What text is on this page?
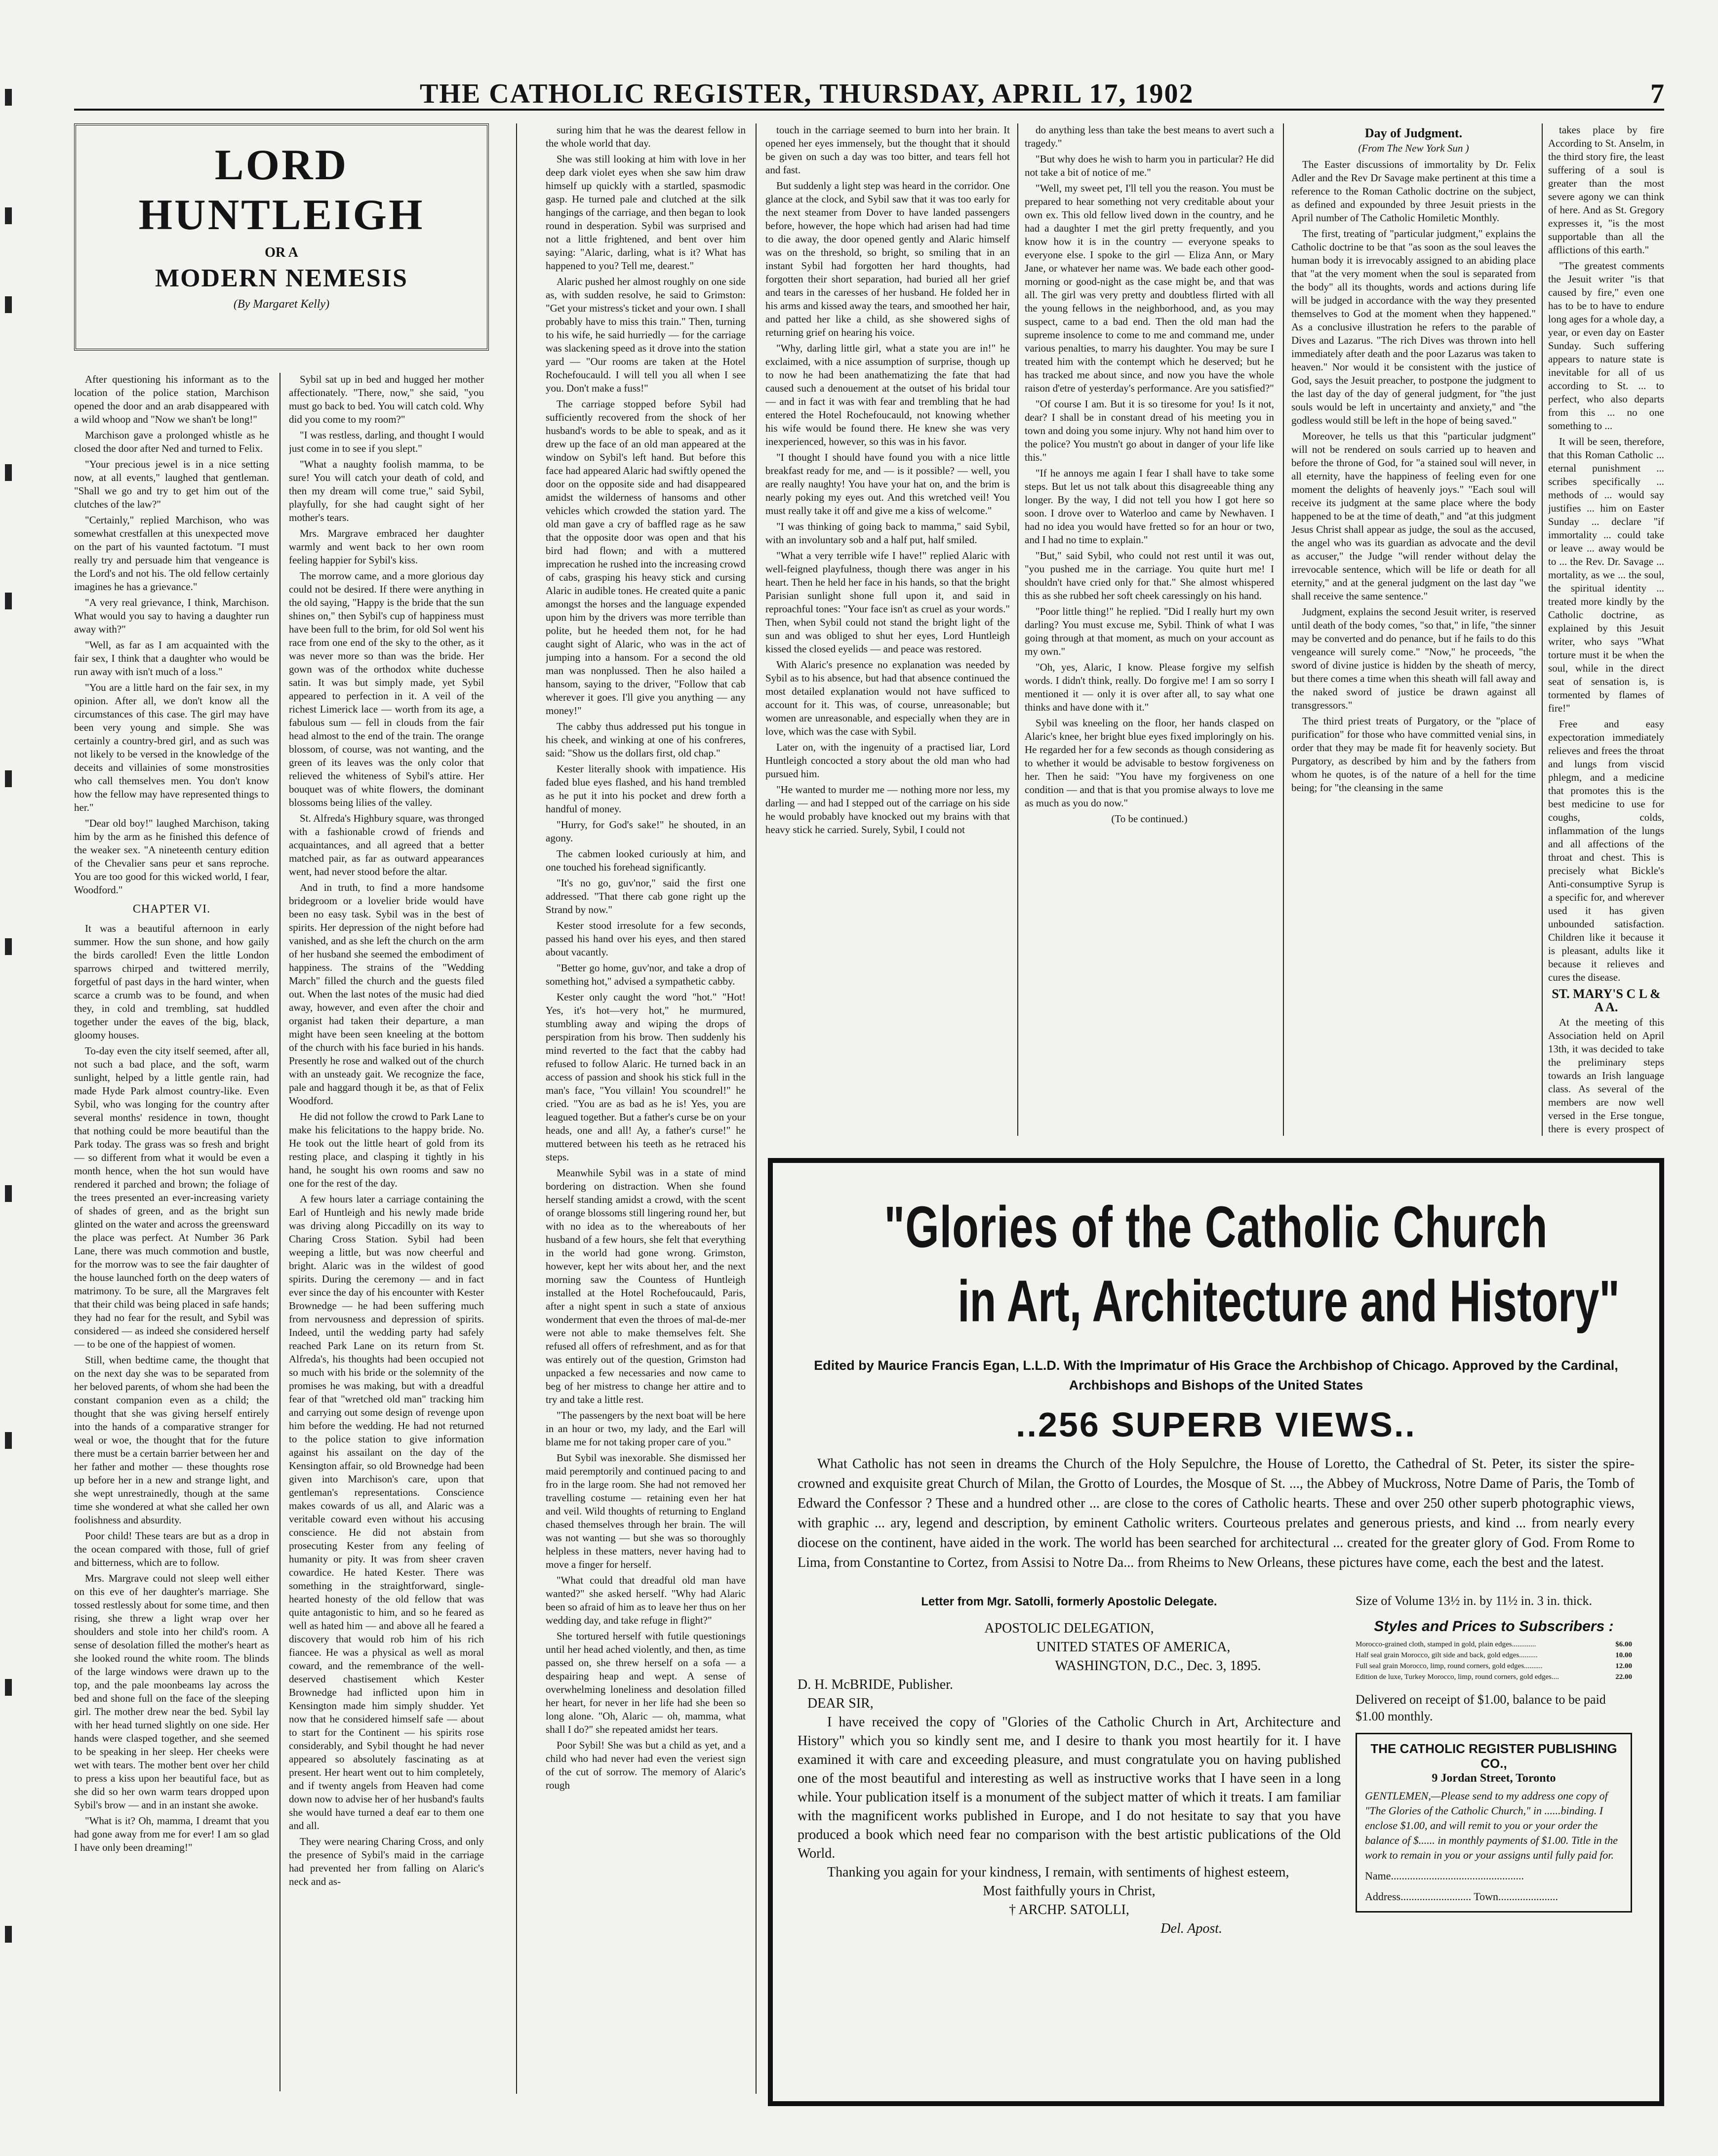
THE CATHOLIC REGISTER, THURSDAY, APRIL 17, 1902	7
LORD HUNTLEIGH
OR A
MODERN NEMESIS
(By Margaret Kelly)

After questioning his informant as to the location of the police station, Marchison opened the door and an arab disappeared with a wild whoop and "Now we shan't be long!"

Marchison gave a prolonged whistle as he closed the door after Ned and turned to Felix.

"Your precious jewel is in a nice setting now, at all events," laughed that gentleman. "Shall we go and try to get him out of the clutches of the law?"

"Certainly," replied Marchison, who was somewhat crestfallen at this unexpected move on the part of his vaunted factotum. "I must really try and persuade him that vengeance is the Lord's and not his. The old fellow certainly imagines he has a grievance."

"A very real grievance, I think, Marchison. What would you say to having a daughter run away with?"

"Well, as far as I am acquainted with the fair sex, I think that a daughter who would be run away with isn't much of a loss."

"You are a little hard on the fair sex, in my opinion. After all, we don't know all the circumstances of this case. The girl may have been very young and simple. She was certainly a country-bred girl, and as such was not likely to be versed in the knowledge of the deceits and villainies of some monstrosities who call themselves men. You don't know how the fellow may have represented things to her."

"Dear old boy!" laughed Marchison, taking him by the arm as he finished this defence of the weaker sex. "A nineteenth century edition of the Chevalier sans peur et sans reproche. You are too good for this wicked world, I fear, Woodford."

CHAPTER VI.

It was a beautiful afternoon in early summer. How the sun shone, and how gaily the birds carolled! Even the little London sparrows chirped and twittered merrily, forgetful of past days in the hard winter, when scarce a crumb was to be found, and when they, in cold and trembling, sat huddled together under the eaves of the big, black, gloomy houses.

To-day even the city itself seemed, after all, not such a bad place, and the soft, warm sunlight, helped by a little gentle rain, had made Hyde Park almost country-like. Even Sybil, who was longing for the country after several months' residence in town, thought that nothing could be more beautiful than the Park today. The grass was so fresh and bright — so different from what it would be even a month hence, when the hot sun would have rendered it parched and brown; the foliage of the trees presented an ever-increasing variety of shades of green, and as the bright sun glinted on the water and across the greensward the place was perfect. At Number 36 Park Lane, there was much commotion and bustle, for the morrow was to see the fair daughter of the house launched forth on the deep waters of matrimony. To be sure, all the Margraves felt that their child was being placed in safe hands; they had no fear for the result, and Sybil was considered — as indeed she considered herself — to be one of the happiest of women.

Still, when bedtime came, the thought that on the next day she was to be separated from her beloved parents, of whom she had been the constant companion even as a child; the thought that she was giving herself entirely into the hands of a comparative stranger for weal or woe, the thought that for the future there must be a certain barrier between her and her father and mother — these thoughts rose up before her in a new and strange light, and she wept unrestrainedly, though at the same time she wondered at what she called her own foolishness and absurdity.

Poor child! These tears are but as a drop in the ocean compared with those, full of grief and bitterness, which are to follow.

Mrs. Margrave could not sleep well either on this eve of her daughter's marriage. She tossed restlessly about for some time, and then rising, she threw a light wrap over her shoulders and stole into her child's room. A sense of desolation filled the mother's heart as she looked round the white room. The blinds of the large windows were drawn up to the top, and the pale moonbeams lay across the bed and shone full on the face of the sleeping girl. The mother drew near the bed. Sybil lay with her head turned slightly on one side. Her hands were clasped together, and she seemed to be speaking in her sleep. Her cheeks were wet with tears. The mother bent over her child to press a kiss upon her beautiful face, but as she did so her own warm tears dropped upon Sybil's brow — and in an instant she awoke.

"What is it? Oh, mamma, I dreamt that you had gone away from me for ever! I am so glad I have only been dreaming!"

Sybil sat up in bed and hugged her mother affectionately. "There, now," she said, "you must go back to bed. You will catch cold. Why did you come to my room?"

"I was restless, darling, and thought I would just come in to see if you slept."

"What a naughty foolish mamma, to be sure! You will catch your death of cold, and then my dream will come true," said Sybil, playfully, for she had caught sight of her mother's tears.

Mrs. Margrave embraced her daughter warmly and went back to her own room feeling happier for Sybil's kiss.

The morrow came, and a more glorious day could not be desired. If there were anything in the old saying, "Happy is the bride that the sun shines on," then Sybil's cup of happiness must have been full to the brim, for old Sol went his race from one end of the sky to the other, as it was never more so than was the bride. Her gown was of the orthodox white duchesse satin. It was but simply made, yet Sybil appeared to perfection in it. A veil of the richest Limerick lace — worth from its age, a fabulous sum — fell in clouds from the fair head almost to the end of the train. The orange blossom, of course, was not wanting, and the green of its leaves was the only color that relieved the whiteness of Sybil's attire. Her bouquet was of white flowers, the dominant blossoms being lilies of the valley.

St. Alfreda's Highbury square, was thronged with a fashionable crowd of friends and acquaintances, and all agreed that a better matched pair, as far as outward appearances went, had never stood before the altar.

And in truth, to find a more handsome bridegroom or a lovelier bride would have been no easy task. Sybil was in the best of spirits. Her depression of the night before had vanished, and as she left the church on the arm of her husband she seemed the embodiment of happiness. The strains of the "Wedding March" filled the church and the guests filed out. When the last notes of the music had died away, however, and even after the choir and organist had taken their departure, a man might have been seen kneeling at the bottom of the church with his face buried in his hands. Presently he rose and walked out of the church with an unsteady gait. We recognize the face, pale and haggard though it be, as that of Felix Woodford.

He did not follow the crowd to Park Lane to make his felicitations to the happy bride. No. He took out the little heart of gold from its resting place, and clasping it tightly in his hand, he sought his own rooms and saw no one for the rest of the day.

A few hours later a carriage containing the Earl of Huntleigh and his newly made bride was driving along Piccadilly on its way to Charing Cross Station. Sybil had been weeping a little, but was now cheerful and bright. Alaric was in the wildest of good spirits. During the ceremony — and in fact ever since the day of his encounter with Kester Brownedge — he had been suffering much from nervousness and depression of spirits. Indeed, until the wedding party had safely reached Park Lane on its return from St. Alfreda's, his thoughts had been occupied not so much with his bride or the solemnity of the promises he was making, but with a dreadful fear of that "wretched old man" tracking him and carrying out some design of revenge upon him before the wedding. He had not returned to the police station to give information against his assailant on the day of the Kensington affair, so old Brownedge had been given into Marchison's care, upon that gentleman's representations. Conscience makes cowards of us all, and Alaric was a veritable coward even without his accusing conscience. He did not abstain from prosecuting Kester from any feeling of humanity or pity. It was from sheer craven cowardice. He hated Kester. There was something in the straightforward, single-hearted honesty of the old fellow that was quite antagonistic to him, and so he feared as well as hated him — and above all he feared a discovery that would rob him of his rich fiancee. He was a physical as well as moral coward, and the remembrance of the well-deserved chastisement which Kester Brownedge had inflicted upon him in Kensington made him simply shudder. Yet now that he considered himself safe — about to start for the Continent — his spirits rose considerably, and Sybil thought he had never appeared so absolutely fascinating as at present. Her heart went out to him completely, and if twenty angels from Heaven had come down now to advise her of her husband's faults she would have turned a deaf ear to them one and all.

They were nearing Charing Cross, and only the presence of Sybil's maid in the carriage had prevented her from falling on Alaric's neck and as-

suring him that he was the dearest fellow in the whole world that day.

She was still looking at him with love in her deep dark violet eyes when she saw him draw himself up quickly with a startled, spasmodic gasp. He turned pale and clutched at the silk hangings of the carriage, and then began to look round in desperation. Sybil was surprised and not a little frightened, and bent over him saying: "Alaric, darling, what is it? What has happened to you? Tell me, dearest."

Alaric pushed her almost roughly on one side as, with sudden resolve, he said to Grimston: "Get your mistress's ticket and your own. I shall probably have to miss this train." Then, turning to his wife, he said hurriedly — for the carriage was slackening speed as it drove into the station yard — "Our rooms are taken at the Hotel Rochefoucauld. I will tell you all when I see you. Don't make a fuss!"

The carriage stopped before Sybil had sufficiently recovered from the shock of her husband's words to be able to speak, and as it drew up the face of an old man appeared at the window on Sybil's left hand. But before this face had appeared Alaric had swiftly opened the door on the opposite side and had disappeared amidst the wilderness of hansoms and other vehicles which crowded the station yard. The old man gave a cry of baffled rage as he saw that the opposite door was open and that his bird had flown; and with a muttered imprecation he rushed into the increasing crowd of cabs, grasping his heavy stick and cursing Alaric in audible tones. He created quite a panic amongst the horses and the language expended upon him by the drivers was more terrible than polite, but he heeded them not, for he had caught sight of Alaric, who was in the act of jumping into a hansom. For a second the old man was nonplussed. Then he also hailed a hansom, saying to the driver, "Follow that cab wherever it goes. I'll give you anything — any money!"

The cabby thus addressed put his tongue in his cheek, and winking at one of his confreres, said: "Show us the dollars first, old chap."

Kester literally shook with impatience. His faded blue eyes flashed, and his hand trembled as he put it into his pocket and drew forth a handful of money.

"Hurry, for God's sake!" he shouted, in an agony.

The cabmen looked curiously at him, and one touched his forehead significantly.

"It's no go, guv'nor," said the first one addressed. "That there cab gone right up the Strand by now."

Kester stood irresolute for a few seconds, passed his hand over his eyes, and then stared about vacantly.

"Better go home, guv'nor, and take a drop of something hot," advised a sympathetic cabby.

Kester only caught the word "hot." "Hot! Yes, it's hot—very hot," he murmured, stumbling away and wiping the drops of perspiration from his brow. Then suddenly his mind reverted to the fact that the cabby had refused to follow Alaric. He turned back in an access of passion and shook his stick full in the man's face, "You villain! You scoundrel!" he cried. "You are as bad as he is! Yes, you are leagued together. But a father's curse be on your heads, one and all! Ay, a father's curse!" he muttered between his teeth as he retraced his steps.

Meanwhile Sybil was in a state of mind bordering on distraction. When she found herself standing amidst a crowd, with the scent of orange blossoms still lingering round her, but with no idea as to the whereabouts of her husband of a few hours, she felt that everything in the world had gone wrong. Grimston, however, kept her wits about her, and the next morning saw the Countess of Huntleigh installed at the Hotel Rochefoucauld, Paris, after a night spent in such a state of anxious wonderment that even the throes of mal-de-mer were not able to make themselves felt. She refused all offers of refreshment, and as for that was entirely out of the question, Grimston had unpacked a few necessaries and now came to beg of her mistress to change her attire and to try and take a little rest.

"The passengers by the next boat will be here in an hour or two, my lady, and the Earl will blame me for not taking proper care of you."

But Sybil was inexorable. She dismissed her maid peremptorily and continued pacing to and fro in the large room. She had not removed her travelling costume — retaining even her hat and veil. Wild thoughts of returning to England chased themselves through her brain. The will was not wanting — but she was so thoroughly helpless in these matters, never having had to move a finger for herself.

"What could that dreadful old man have wanted?" she asked herself. "Why had Alaric been so afraid of him as to leave her thus on her wedding day, and take refuge in flight?"

She tortured herself with futile questionings until her head ached violently, and then, as time passed on, she threw herself on a sofa — a despairing heap and wept. A sense of overwhelming loneliness and desolation filled her heart, for never in her life had she been so long alone. "Oh, Alaric — oh, mamma, what shall I do?" she repeated amidst her tears.

Poor Sybil! She was but a child as yet, and a child who had never had even the veriest sign of the cut of sorrow. The memory of Alaric's rough

touch in the carriage seemed to burn into her brain. It opened her eyes immensely, but the thought that it should be given on such a day was too bitter, and tears fell hot and fast.

But suddenly a light step was heard in the corridor. One glance at the clock, and Sybil saw that it was too early for the next steamer from Dover to have landed passengers before, however, the hope which had arisen had had time to die away, the door opened gently and Alaric himself was on the threshold, so bright, so smiling that in an instant Sybil had forgotten her hard thoughts, had forgotten their short separation, had buried all her grief and tears in the caresses of her husband. He folded her in his arms and kissed away the tears, and smoothed her hair, and patted her like a child, as she showered sighs of returning grief on hearing his voice.

"Why, darling little girl, what a state you are in!" he exclaimed, with a nice assumption of surprise, though up to now he had been anathematizing the fate that had caused such a denouement at the outset of his bridal tour — and in fact it was with fear and trembling that he had entered the Hotel Rochefoucauld, not knowing whether his wife would be found there. He knew she was very inexperienced, however, so this was in his favor.

"I thought I should have found you with a nice little breakfast ready for me, and — is it possible? — well, you are really naughty! You have your hat on, and the brim is nearly poking my eyes out. And this wretched veil! You must really take it off and give me a kiss of welcome."

"I was thinking of going back to mamma," said Sybil, with an involuntary sob and a half put, half smiled.

"What a very terrible wife I have!" replied Alaric with well-feigned playfulness, though there was anger in his heart. Then he held her face in his hands, so that the bright Parisian sunlight shone full upon it, and said in reproachful tones: "Your face isn't as cruel as your words." Then, when Sybil could not stand the bright light of the sun and was obliged to shut her eyes, Lord Huntleigh kissed the closed eyelids — and peace was restored.

With Alaric's presence no explanation was needed by Sybil as to his absence, but had that absence continued the most detailed explanation would not have sufficed to account for it. This was, of course, unreasonable; but women are unreasonable, and especially when they are in love, which was the case with Sybil.

Later on, with the ingenuity of a practised liar, Lord Huntleigh concocted a story about the old man who had pursued him.

"He wanted to murder me — nothing more nor less, my darling — and had I stepped out of the carriage on his side he would probably have knocked out my brains with that heavy stick he carried. Surely, Sybil, I could not

do anything less than take the best means to avert such a tragedy."

"But why does he wish to harm you in particular? He did not take a bit of notice of me."

"Well, my sweet pet, I'll tell you the reason. You must be prepared to hear something not very creditable about your own ex. This old fellow lived down in the country, and he had a daughter I met the girl pretty frequently, and you know how it is in the country — everyone speaks to everyone else. I spoke to the girl — Eliza Ann, or Mary Jane, or whatever her name was. We bade each other good-morning or good-night as the case might be, and that was all. The girl was very pretty and doubtless flirted with all the young fellows in the neighborhood, and, as you may suspect, came to a bad end. Then the old man had the supreme insolence to come to me and command me, under various penalties, to marry his daughter. You may be sure I treated him with the contempt which he deserved; but he has tracked me about since, and now you have the whole raison d'etre of yesterday's performance. Are you satisfied?"

"Of course I am. But it is so tiresome for you! Is it not, dear? I shall be in constant dread of his meeting you in town and doing you some injury. Why not hand him over to the police? You mustn't go about in danger of your life like this."

"If he annoys me again I fear I shall have to take some steps. But let us not talk about this disagreeable thing any longer. By the way, I did not tell you how I got here so soon. I drove over to Waterloo and came by Newhaven. I had no idea you would have fretted so for an hour or two, and I had no time to explain."

"But," said Sybil, who could not rest until it was out, "you pushed me in the carriage. You quite hurt me! I shouldn't have cried only for that." She almost whispered this as she rubbed her soft cheek caressingly on his hand.

"Poor little thing!" he replied. "Did I really hurt my own darling? You must excuse me, Sybil. Think of what I was going through at that moment, as much on your account as my own."

"Oh, yes, Alaric, I know. Please forgive my selfish words. I didn't think, really. Do forgive me! I am so sorry I mentioned it — only it is over after all, to say what one thinks and have done with it."

Sybil was kneeling on the floor, her hands clasped on Alaric's knee, her bright blue eyes fixed imploringly on his. He regarded her for a few seconds as though considering as to whether it would be advisable to bestow forgiveness on her. Then he said: "You have my forgiveness on one condition — and that is that you promise always to love me as much as you do now."

(To be continued.)
Day of Judgment.
(From The New York Sun )

The Easter discussions of immortality by Dr. Felix Adler and the Rev Dr Savage make pertinent at this time a reference to the Roman Catholic doctrine on the subject, as defined and expounded by three Jesuit priests in the April number of The Catholic Homiletic Monthly.

The first, treating of "particular judgment," explains the Catholic doctrine to be that "as soon as the soul leaves the human body it is irrevocably assigned to an abiding place that "at the very moment when the soul is separated from the body" all its thoughts, words and actions during life will be judged in accordance with the way they presented themselves to God at the moment when they happened." As a conclusive illustration he refers to the parable of Dives and Lazarus. "The rich Dives was thrown into hell immediately after death and the poor Lazarus was taken to heaven." Nor would it be consistent with the justice of God, says the Jesuit preacher, to postpone the judgment to the last day of the day of general judgment, for "the just souls would be left in uncertainty and anxiety," and "the godless would still be left in the hope of being saved."

Moreover, he tells us that this "particular judgment" will not be rendered on souls carried up to heaven and before the throne of God, for "a stained soul will never, in all eternity, have the happiness of feeling even for one moment the delights of heavenly joys." "Each soul will receive its judgment at the same place where the body happened to be at the time of death," and "at this judgment Jesus Christ shall appear as judge, the soul as the accused, the angel who was its guardian as advocate and the devil as accuser," the Judge "will render without delay the irrevocable sentence, which will be life or death for all eternity," and at the general judgment on the last day "we shall receive the same sentence."

Judgment, explains the second Jesuit writer, is reserved until death of the body comes, "so that," in life, "the sinner may be converted and do penance, but if he fails to do this vengeance will surely come." "Now," he proceeds, "the sword of divine justice is hidden by the sheath of mercy, but there comes a time when this sheath will fall away and the naked sword of justice be drawn against all transgressors."

The third priest treats of Purgatory, or the "place of purification" for those who have committed venial sins, in order that they may be made fit for heavenly society. But Purgatory, as described by him and by the fathers from whom he quotes, is of the nature of a hell for the time being; for "the cleansing in the same

takes place by fire According to St. Anselm, in the third story fire, the least suffering of a soul is greater than the most severe agony we can think of here. And as St. Gregory expresses it, "is the most supportable than all the afflictions of this earth."

"The greatest comments the Jesuit writer "is that caused by fire," even one has to be to have to endure long ages for a whole day, a year, or even day on Easter Sunday. Such suffering appears to nature state is inevitable for all of us according to St. ... to perfect, who also departs from this ... no one something to ...

It will be seen, therefore, that this Roman Catholic ... eternal punishment ... scribes specifically ... methods of ... would say justifies ... him on Easter Sunday ... declare "if immortality ... could take or leave ... away would be to ... the Rev. Dr. Savage ... mortality, as we ... the soul, the spiritual identity ... treated more kindly by the Catholic doctrine, as explained by this Jesuit writer, who says "What torture must it be when the soul, while in the direct seat of sensation is, is tormented by flames of fire!"

Free and easy expectoration immediately relieves and frees the throat and lungs from viscid phlegm, and a medicine that promotes this is the best medicine to use for coughs, colds, inflammation of the lungs and all affections of the throat and chest. This is precisely what Bickle's Anti-consumptive Syrup is a specific for, and wherever used it has given unbounded satisfaction. Children like it because it is pleasant, adults like it because it relieves and cures the disease.

ST. MARY'S C L & A A.

At the meeting of this Association held on April 13th, it was decided to take the preliminary steps towards an Irish language class. As several of the members are now well versed in the Erse tongue, there is every prospect of

"Glories of the Catholic Church
in Art, Architecture and History"
Edited by Maurice Francis Egan, L.L.D. With the Imprimatur of His Grace the Archbishop of Chicago. Approved by the Cardinal, Archbishops and Bishops of the United States
..256 SUPERB VIEWS..
What Catholic has not seen in dreams the Church of the Holy Sepulchre, the House of Loretto, the Cathedral of St. Peter, its sister the spire-crowned and exquisite great Church of Milan, the Grotto of Lourdes, the Mosque of St. ..., the Abbey of Muckross, Notre Dame of Paris, the Tomb of Edward the Confessor ? These and a hundred other ... are close to the cores of Catholic hearts. These and over 250 other superb photographic views, with graphic ... ary, legend and description, by eminent Catholic writers. Courteous prelates and generous priests, and kind ... from nearly every diocese on the continent, have aided in the work. The world has been searched for architectural ... created for the greater glory of God. From Rome to Lima, from Constantine to Cortez, from Assisi to Notre Da... from Rheims to New Orleans, these pictures have come, each the best and the latest.
Letter from Mgr. Satolli, formerly Apostolic Delegate.
APOSTOLIC DELEGATION,
UNITED STATES OF AMERICA,
WASHINGTON, D.C., Dec. 3, 1895.
D. H. McBRIDE, Publisher.
DEAR SIR,
I have received the copy of "Glories of the Catholic Church in Art, Architecture and History" which you so kindly sent me, and I desire to thank you most heartily for it. I have examined it with care and exceeding pleasure, and must congratulate you on having published one of the most beautiful and interesting as well as instructive works that I have seen in a long while. Your publication itself is a monument of the subject matter of which it treats. I am familiar with the magnificent works published in Europe, and I do not hesitate to say that you have produced a book which need fear no comparison with the best artistic publications of the Old World.
Thanking you again for your kindness, I remain, with sentiments of highest esteem,
Most faithfully yours in Christ,
† ARCHP. SATOLLI,
Del. Apost.
Size of Volume 13½ in. by 11½ in. 3 in. thick.
Styles and Prices to Subscribers :
Morocco-grained cloth, stamped in gold, plain edges.............	$6.00
Half seal grain Morocco, gilt side and back, gold edges..........	10.00
Full seal grain Morocco, limp, round corners, gold edges..........	12.00
Edition de luxe, Turkey Morocco, limp, round corners, gold edges....	22.00
Delivered on receipt of $1.00, balance to be paid $1.00 monthly.
THE CATHOLIC REGISTER PUBLISHING CO.,
9 Jordan Street, Toronto
GENTLEMEN,—Please send to my address one copy of "The Glories of the Catholic Church," in ......binding. I enclose $1.00, and will remit to you or your order the balance of $...... in monthly payments of $1.00. Title in the work to remain in you or your assigns until fully paid for.
Name.................................................
Address.......................... Town......................
